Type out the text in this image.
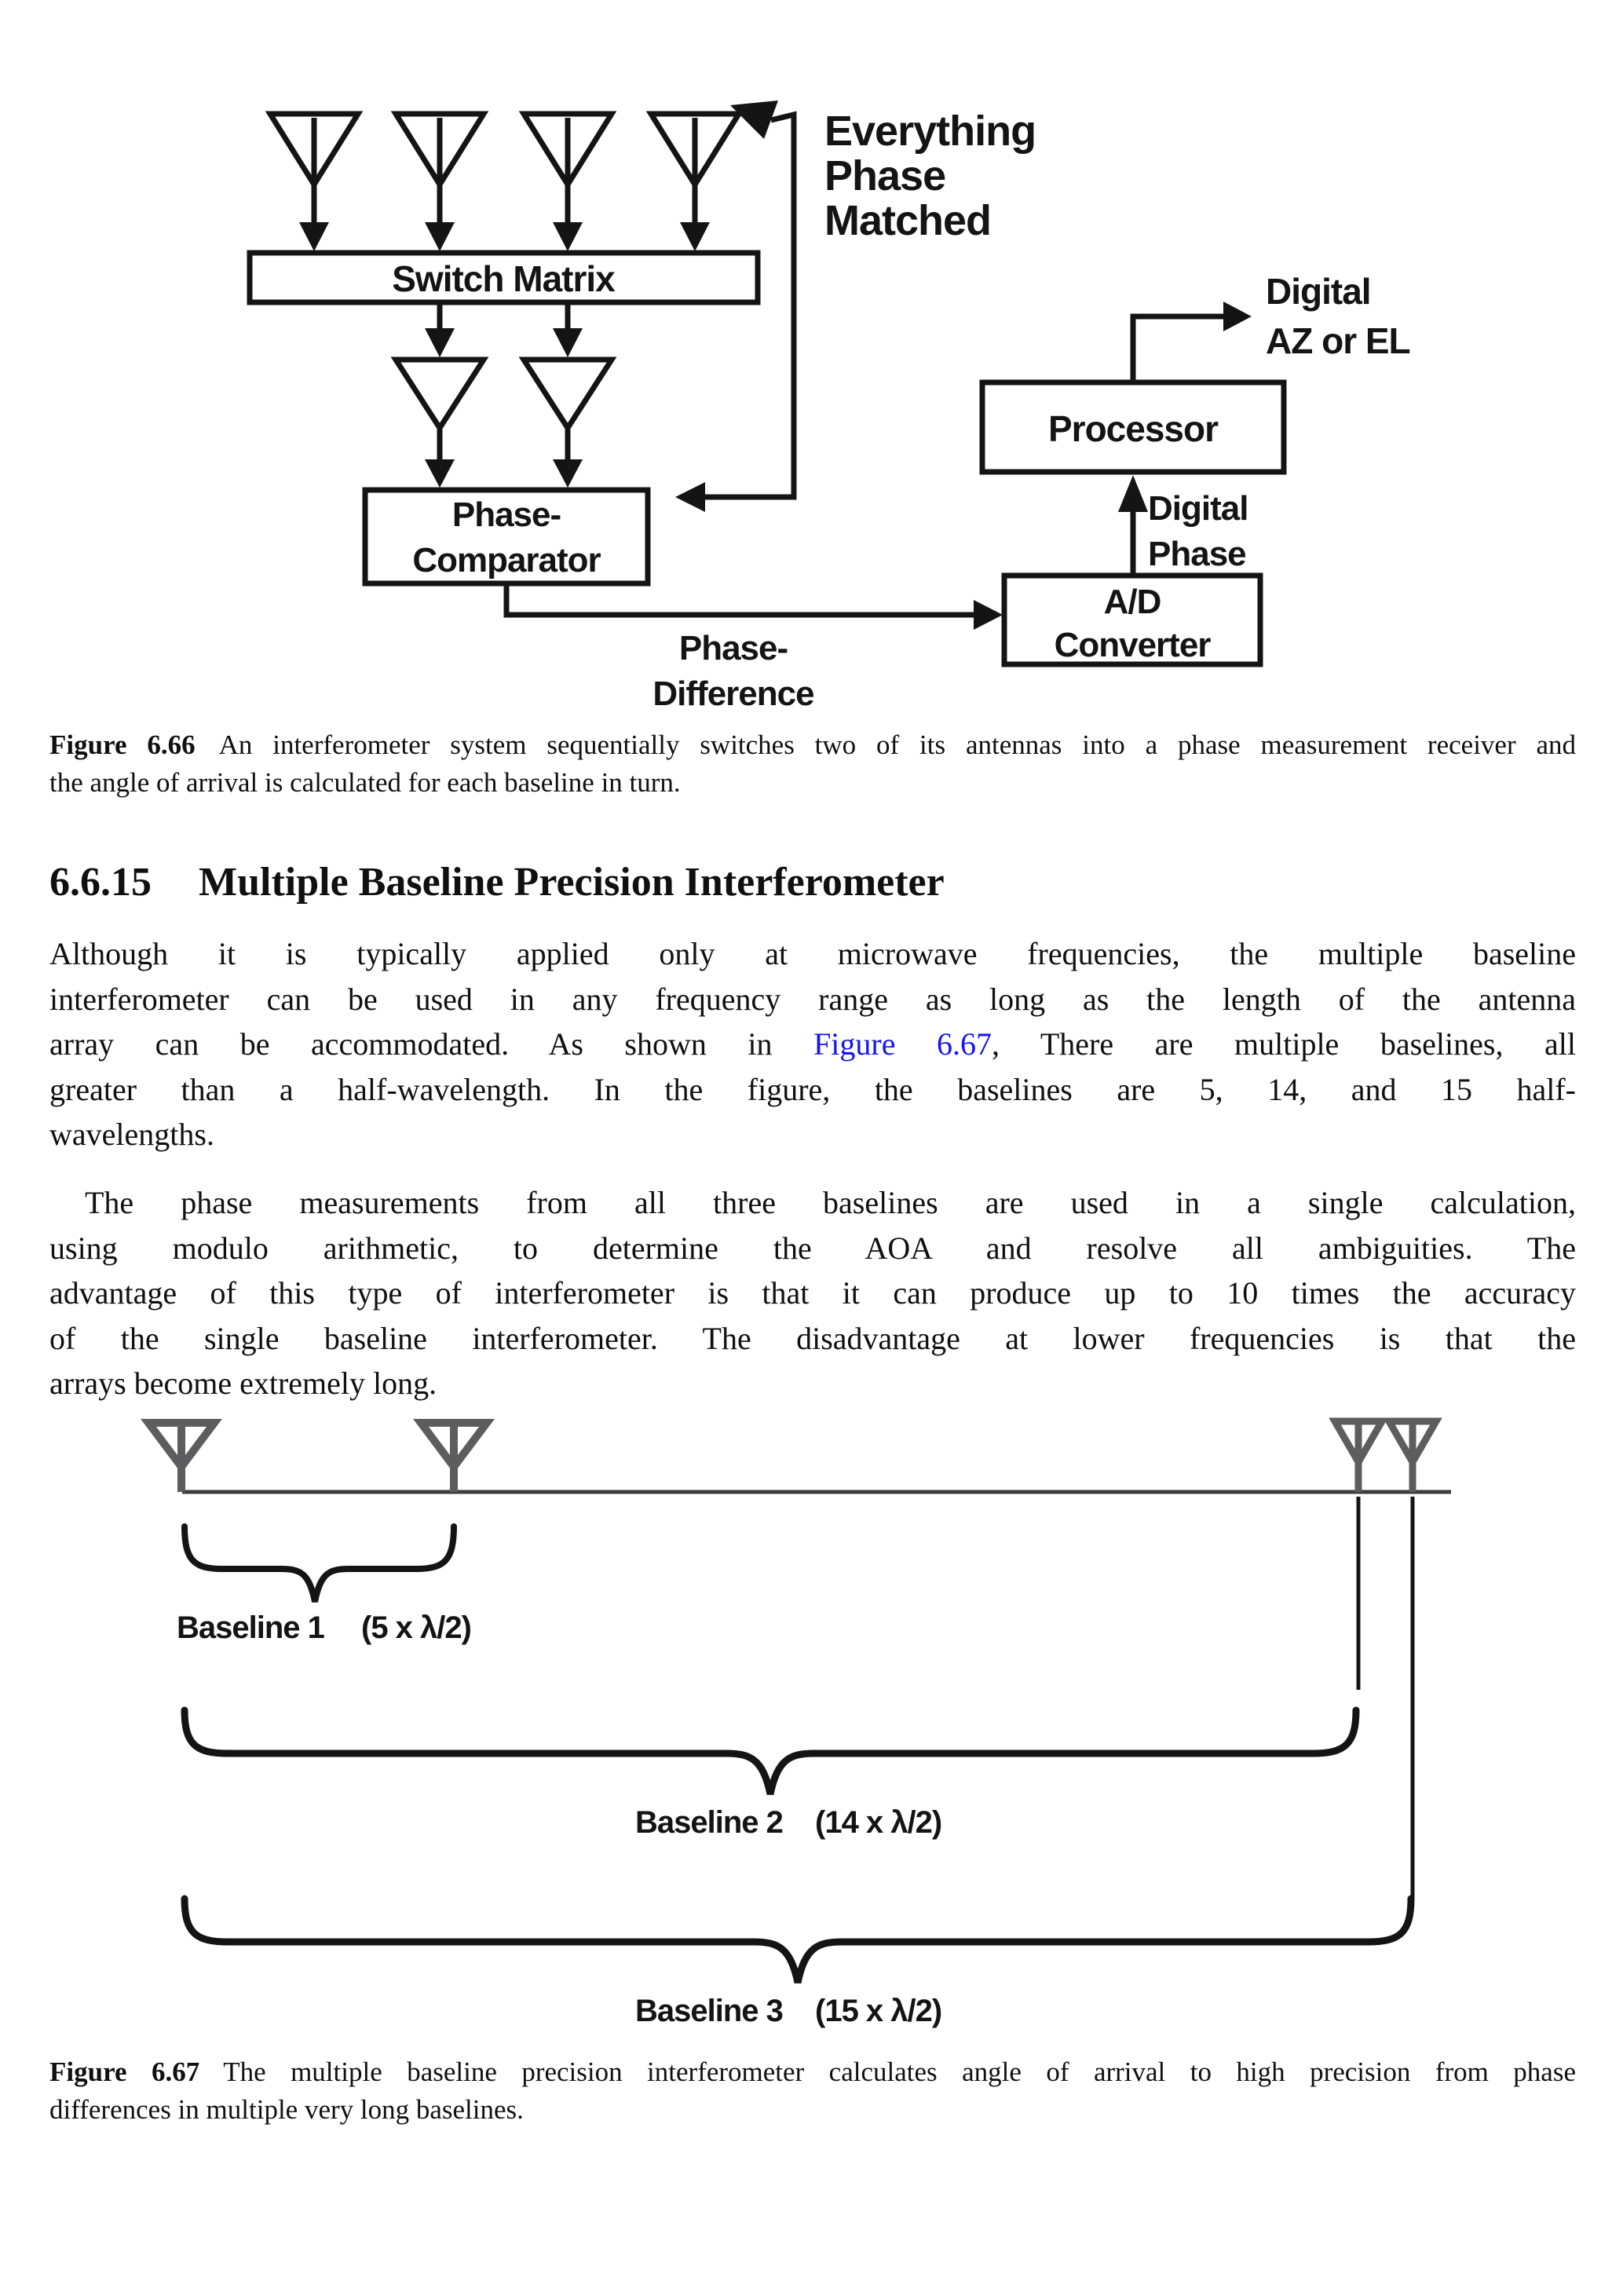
Switch Matrix
Everything
Phase
Matched
Phase-
Comparator
Phase-
Difference
A/D
Converter
Digital
Phase
Processor
Digital
AZ or EL
Figure 6.66 An interferometer system sequentially switches two of its antennas into a phase measurement receiver and
the angle of arrival is calculated for each baseline in turn.
6.6.15 Multiple Baseline Precision Interferometer
Although it is typically applied only at microwave frequencies, the multiple baseline
interferometer can be used in any frequency range as long as the length of the antenna
array can be accommodated. As shown in Figure 6.67, There are multiple baselines, all
greater than a half-wavelength. In the figure, the baselines are 5, 14, and 15 half-
wavelengths.
The phase measurements from all three baselines are used in a single calculation,
using modulo arithmetic, to determine the AOA and resolve all ambiguities. The
advantage of this type of interferometer is that it can produce up to 10 times the accuracy
of the single baseline interferometer. The disadvantage at lower frequencies is that the
arrays become extremely long.
Baseline 1 (5 x λ/2)
Baseline 2 (14 x λ/2)
Baseline 3 (15 x λ/2)
Figure 6.67 The multiple baseline precision interferometer calculates angle of arrival to high precision from phase
differences in multiple very long baselines.
